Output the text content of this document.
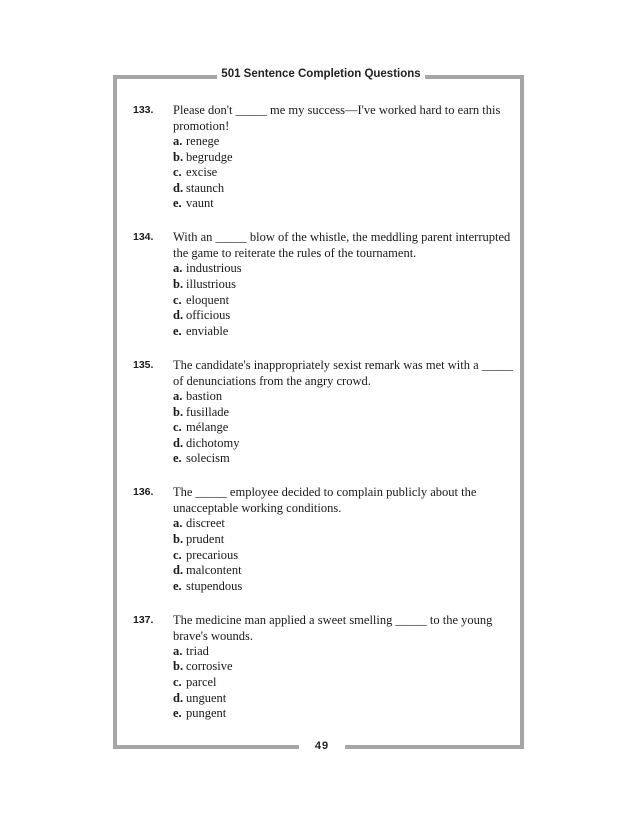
501 Sentence Completion Questions
133.	Please don't _____ me my success—I've worked hard to earn this promotion!
a. renege
b. begrudge
c. excise
d. staunch
e. vaunt
134.	With an _____ blow of the whistle, the meddling parent interrupted the game to reiterate the rules of the tournament.
a. industrious
b. illustrious
c. eloquent
d. officious
e. enviable
135.	The candidate's inappropriately sexist remark was met with a _____ of denunciations from the angry crowd.
a. bastion
b. fusillade
c. mélange
d. dichotomy
e. solecism
136.	The _____ employee decided to complain publicly about the unacceptable working conditions.
a. discreet
b. prudent
c. precarious
d. malcontent
e. stupendous
137.	The medicine man applied a sweet smelling _____ to the young brave's wounds.
a. triad
b. corrosive
c. parcel
d. unguent
e. pungent
49
